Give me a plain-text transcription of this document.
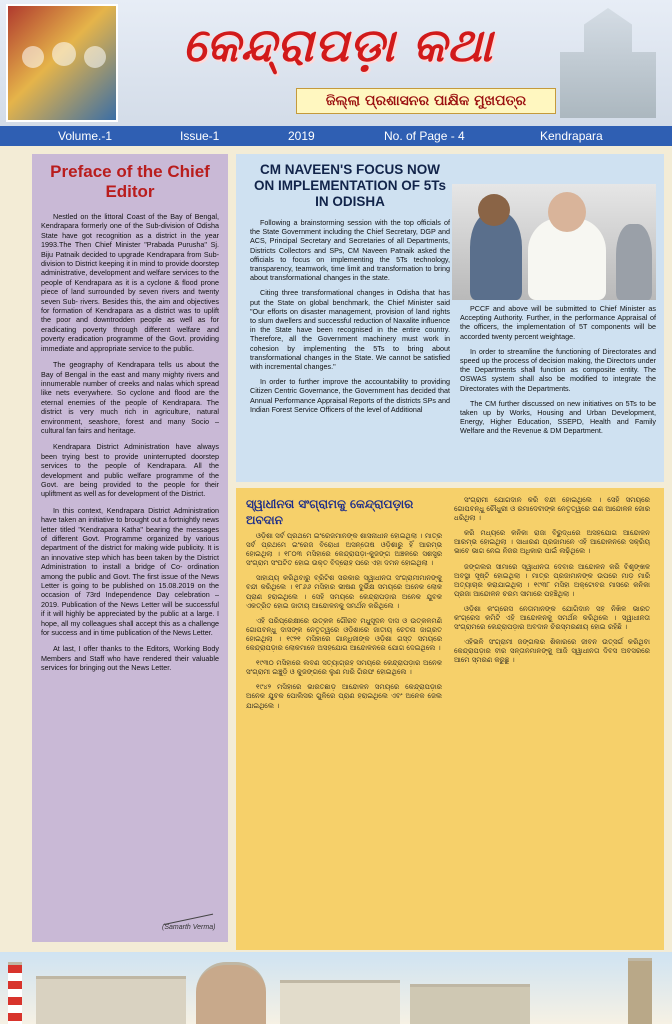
କେନ୍ଦ୍ରାପଡ଼ା କଥା
ଜିଲ୍ଲା ପ୍ରଶାସନର ପାକ୍ଷିକ ମୁଖପତ୍ର
Volume.-1	Issue-1	2019	No. of Page - 4	Kendrapara
Preface of the Chief Editor

Nestled on the littoral Coast of the Bay of Bengal, Kendrapara formerly one of the Sub-division of Odisha State have got recognition as a district in the year 1993.The Then Chief Minister "Prabada Purusha" Sj. Biju Patnaik decided to upgrade Kendrapara from Sub-division to District keeping it in mind to provide doorstep administrative, development and welfare services to the people of Kendrapara as it is a cyclone & flood prone piece of land surrounded by seven rivers and twenty seven Sub- rivers. Besides this, the aim and objectives for formation of Kendrapara as a district was to uplift the poor and downtrodden people as well as for eradicating poverty through different welfare and poverty eradication programme of the Govt. providing immediate and appropriate service to the public.

The geography of Kendrapara tells us about the Bay of Bengal in the east and many mighty rivers and innumerable number of creeks and nalas which spread like nets everywhere. So cyclone and flood are the eternal enemies of the people of Kendrapara. The district is very much rich in agriculture, natural environment, seashore, forest and many Socio – cultural fan fairs and heritage.

Kendrapara District Administration have always been trying best to provide uninterrupted doorstep services to the people of Kendrapara. All the development and public welfare programme of the Govt. are being provided to the people for their upliftment as well as for development of the District.

In this context, Kendrapara District Administration have taken an initiative to brought out a fortnightly news letter titled "Kendrapara Katha" bearing the messages of different Govt. Programme organized by various department of the district for making wide publicity. It is an innovative step which has been taken by the District Administration to install a bridge of Co- ordination among the public and Govt. The first issue of the News Letter is going to be published on 15.08.2019 on the occasion of 73rd Independence Day celebration – 2019. Publication of the News Letter will be successful if it will highly be appreciated by the public at a large. I hope, all my colleagues shall accept this as a challenge for success and in time publication of the News Letter.

At last, I offer thanks to the Editors, Working Body Members and Staff who have rendered their valuable services for bringing out the News Letter.

(Samarth Verma)
CM NAVEEN'S FOCUS NOW ON IMPLEMENTATION OF 5Ts IN ODISHA

Following a brainstorming session with the top officials of the State Government including the Chief Secretary, DGP and ACS, Principal Secretary and Secretaries of all Departments, Districts Collectors and SPs, CM Naveen Patnaik asked the officials to focus on implementing the 5Ts technology, transparency, teamwork, time limit and transformation to bring about transformational changes in the state.

Citing three transformational changes in Odisha that has put the State on global benchmark, the Chief Minister said "Our efforts on disaster management, provision of land rights to slum dwellers and successful reduction of Naxalite influence in the State have been recognised in the entire country. Therefore, all the Government machinery must work in cohesion by implementing the 5Ts to bring about transformational changes in the State. We cannot be satisfied with incremental changes."

In order to further improve the accountability to providing Citizen Centric Governance, the Government has decided that Annual Performance Appraisal Reports of the districts SPs and Indian Forest Service Officers of the level of Additional

PCCF and above will be submitted to Chief Minister as Accepting Authority. Further, in the performance Appraisal of the officers, the implementation of 5T components will be accorded twenty percent weightage.

In order to streamline the functioning of Directorates and speed up the process of decision making, the Directors under the Departments shall function as composite entity. The OSWAS system shall also be modified to integrate the Directorates with the Departments.

The CM further discussed on new initiatives on 5Ts to be taken up by Works, Housing and Urban Development, Energy, Higher Education, SSEPD, Health and Family Welfare and the Revenue & DM Department.

ସ୍ୱାଧୀନତା ସଂଗ୍ରାମକୁ କେନ୍ଦ୍ରାପଡ଼ାର ଅବଦାନ

ଓଡ଼ିଶା ସର୍ବ ପ୍ରଥମେ ଇଂରେଜମାନଙ୍କ ଶାସନାଧୀନ ହୋଇଥିଲା । ମାତ୍ର ସର୍ବ ପ୍ରଥମେ ଇଂରେଜ ବିରୋଧୀ ଅସନ୍ତୋଷ ଓଡ଼ିଶାରୁ ହିଁ ଆରମ୍ଭ ହୋଇଥିଲା । ୧୮୦୩ ମସିହାରେ କେନ୍ଦ୍ରାପଡ଼ା-କୁଜଙ୍ଗ ଅଞ୍ଚଳରେ ସଶସ୍ତ୍ର ସଂଗ୍ରାମ ସଂଘଟିତ ହୋଇ ଉକ୍ତ ବିଦ୍ରୋହ ପରେ ଏହା ଦମନ ହୋଇଥିଲା ।

ସାହାଯ୍ୟ କରିଥିବାରୁ ବ୍ରିଟିଶ ସରକାର ସ୍ୱାଧୀନତା ସଂଗ୍ରାମୀମାନଙ୍କୁ ବନ୍ଦୀ କରିଥିଲେ । ୧୮୬୬ ମସିହାର ଭୀଷଣ ଦୁର୍ଭିକ୍ଷ ସମୟରେ ଅନେକ ଲୋକ ପ୍ରାଣ ହରାଇଥିଲେ । ସେହି ସମୟରେ କେନ୍ଦ୍ରାପଡ଼ାର ଅନେକ ଯୁବକ ଏକତ୍ରିତ ହୋଇ ଜାତୀୟ ଆନ୍ଦୋଳନକୁ ସମର୍ଥନ କରିଥିଲେ ।

ଏହି ପରିପ୍ରେକ୍ଷୀରେ ଉତ୍କଳ ଗୌରବ ମଧୁସୂଦନ ଦାସ ଓ ଉତ୍କଳମଣି ଗୋପବନ୍ଧୁ ଦାସଙ୍କ ନେତୃତ୍ୱରେ ଓଡ଼ିଶାରେ ଜାତୀୟ ଚେତନା ଜାଗ୍ରତ ହୋଇଥିଲା । ୧୯୨୧ ମସିହାରେ ଗାନ୍ଧିଜୀଙ୍କ ଓଡ଼ିଶା ଗସ୍ତ ସମୟରେ କେନ୍ଦ୍ରାପଡ଼ାର ଲୋକମାନେ ଅସହଯୋଗ ଆନ୍ଦୋଳନରେ ଯୋଗ ଦେଇଥିଲେ ।

୧୯୩୦ ମସିହାରେ ଲବଣ ସତ୍ୟାଗ୍ରହ ସମୟରେ କେନ୍ଦ୍ରାପଡ଼ାର ଅନେକ ସଂଗ୍ରାମୀ ଇଞ୍ଚୁଡ଼ି ଓ କୁଜଙ୍ଗରେ ଲୁଣ ମାରି ଗିରଫ ହୋଇଥିଲେ ।

୧୯୪୨ ମସିହାରେ ଭାରତଛାଡ଼ ଆନ୍ଦୋଳନ ସମୟରେ କେନ୍ଦ୍ରାପଡ଼ାର ଅନେକ ଯୁବକ ପୋଲିସର ଗୁଳିରେ ପ୍ରାଣ ହରାଇଥିଲେ ଏବଂ ଅନେକ ଜେଲ ଯାଇଥିଲେ ।

ସଂଗ୍ରାମୀ ଯୋଗଦାନ କରି ବନ୍ଦୀ ହୋଇଥିଲେ । ସେହି ସମୟରେ ଗୋପବନ୍ଧୁ ଚୌଧୁରୀ ଓ ରମାଦେବୀଙ୍କ ନେତୃତ୍ୱରେ ଗଣ ଆନ୍ଦୋଳନ ଜୋର ଧରିଥିଲା ।

କରି ମଧ୍ୟରେ କନିକା ରାଜା ବିରୁଦ୍ଧରେ ଅସହଯୋଗ ଆନ୍ଦୋଳନ ଆରମ୍ଭ ହୋଇଥିଲା । ସାଧାରଣ ପ୍ରଜାମାନେ ଏହି ଆନ୍ଦୋଳନରେ ସକ୍ରିୟ ଭାବେ ଭାଗ ନେଇ ନିଜର ଅଧିକାର ପାଇଁ ଲଢ଼ିଥିଲେ ।

ଜଙ୍ଗଲର ସୀମାରେ ସ୍ୱାଧୀନତା ଦେବାର ଆନ୍ଦୋଳନ କରି ବିଶୃଙ୍ଖଳ ଅବସ୍ଥା ସୃଷ୍ଟି ହୋଇଥିଲା । ମାତ୍ର ପ୍ରଜାମାନଙ୍କ ଉପରେ ମାଡ଼ ମାରି ଅତ୍ୟାଚାର କରାଯାଇଥିଲା । ୧୯୩୮ ମସିହା ଅକ୍ଟୋବର ମାସରେ କନିକା ପ୍ରଜା ଆନ୍ଦୋଳନ ଚରମ ସୀମାରେ ପହଞ୍ଚିଥିଲା ।

ଓଡ଼ିଶା କଂଗ୍ରେସ ନେତାମାନଙ୍କ ଯୋଗିଦାନ ସହ ନିଖିଳ ଭାରତ କଂଗ୍ରେସ କମିଟି ଏହି ଆନ୍ଦୋଳନକୁ ସମର୍ଥନ କରିଥିଲେ । ସ୍ୱାଧୀନତା ସଂଗ୍ରାମରେ କେନ୍ଦ୍ରାପଡ଼ାର ଅବଦାନ ଚିରସ୍ମରଣୀୟ ହୋଇ ରହିଛି ।

ଏହିଭଳି ସଂଗ୍ରାମୀ ଜଙ୍ଗଲର ଶିକାରରେ ଜୀବନ ଉତ୍ସର୍ଗ କରିଥିବା କେନ୍ଦ୍ରାପଡ଼ାର ବୀର ସନ୍ତାନମାନଙ୍କୁ ଆଜି ସ୍ୱାଧୀନତା ଦିବସ ଅବସରରେ ଆମେ ସ୍ମରଣ କରୁଛୁ ।
